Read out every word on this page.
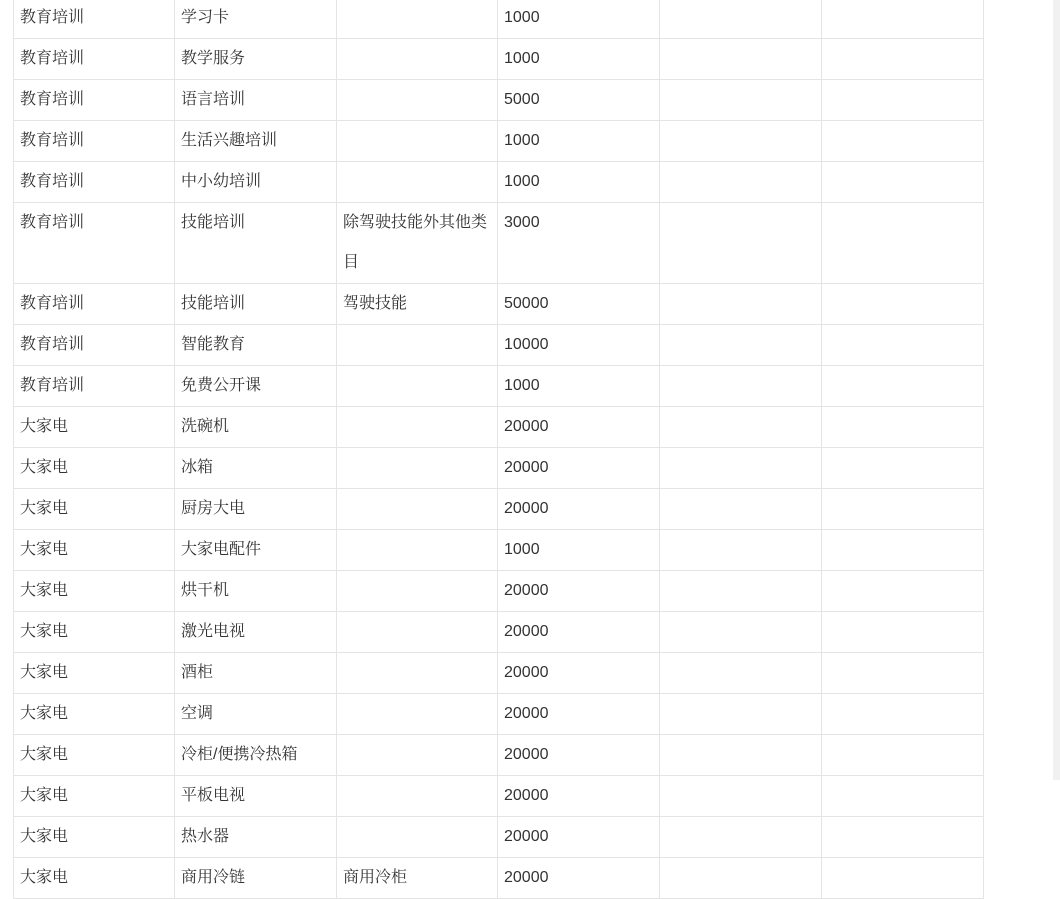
教育培训	学习卡		1000		
教育培训	教学服务		1000		
教育培训	语言培训		5000		
教育培训	生活兴趣培训		1000		
教育培训	中小幼培训		1000		
教育培训	技能培训	除驾驶技能外其他类目	3000		
教育培训	技能培训	驾驶技能	50000		
教育培训	智能教育		10000		
教育培训	免费公开课		1000		
大家电	洗碗机		20000		
大家电	冰箱		20000		
大家电	厨房大电		20000		
大家电	大家电配件		1000		
大家电	烘干机		20000		
大家电	激光电视		20000		
大家电	酒柜		20000		
大家电	空调		20000		
大家电	冷柜/便携冷热箱		20000		
大家电	平板电视		20000		
大家电	热水器		20000		
大家电	商用冷链	商用冷柜	20000		
